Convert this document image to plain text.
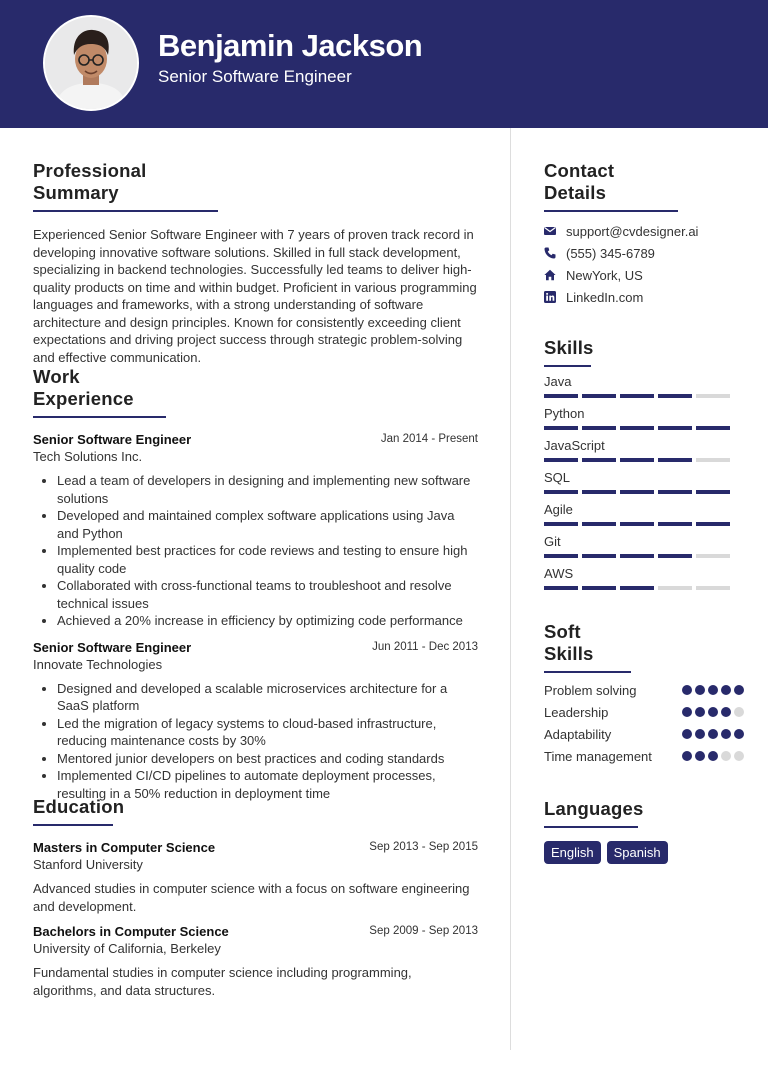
Benjamin Jackson
Senior Software Engineer
Professional Summary
Experienced Senior Software Engineer with 7 years of proven track record in developing innovative software solutions. Skilled in full stack development, specializing in backend technologies. Successfully led teams to deliver high-quality products on time and within budget. Proficient in various programming languages and frameworks, with a strong understanding of software architecture and design principles. Known for consistently exceeding client expectations and driving project success through strategic problem-solving and effective communication.
Work Experience
Senior Software Engineer	Jan 2014 - Present
Tech Solutions Inc.
• Lead a team of developers in designing and implementing new software solutions
• Developed and maintained complex software applications using Java and Python
• Implemented best practices for code reviews and testing to ensure high quality code
• Collaborated with cross-functional teams to troubleshoot and resolve technical issues
• Achieved a 20% increase in efficiency by optimizing code performance
Senior Software Engineer	Jun 2011 - Dec 2013
Innovate Technologies
• Designed and developed a scalable microservices architecture for a SaaS platform
• Led the migration of legacy systems to cloud-based infrastructure, reducing maintenance costs by 30%
• Mentored junior developers on best practices and coding standards
• Implemented CI/CD pipelines to automate deployment processes, resulting in a 50% reduction in deployment time
Education
Masters in Computer Science	Sep 2013 - Sep 2015
Stanford University
Advanced studies in computer science with a focus on software engineering and development.
Bachelors in Computer Science	Sep 2009 - Sep 2013
University of California, Berkeley
Fundamental studies in computer science including programming, algorithms, and data structures.
Contact Details
support@cvdesigner.ai
(555) 345-6789
NewYork, US
LinkedIn.com
Skills
Java
Python
JavaScript
SQL
Agile
Git
AWS
Soft Skills
Problem solving
Leadership
Adaptability
Time management
Languages
English	Spanish
